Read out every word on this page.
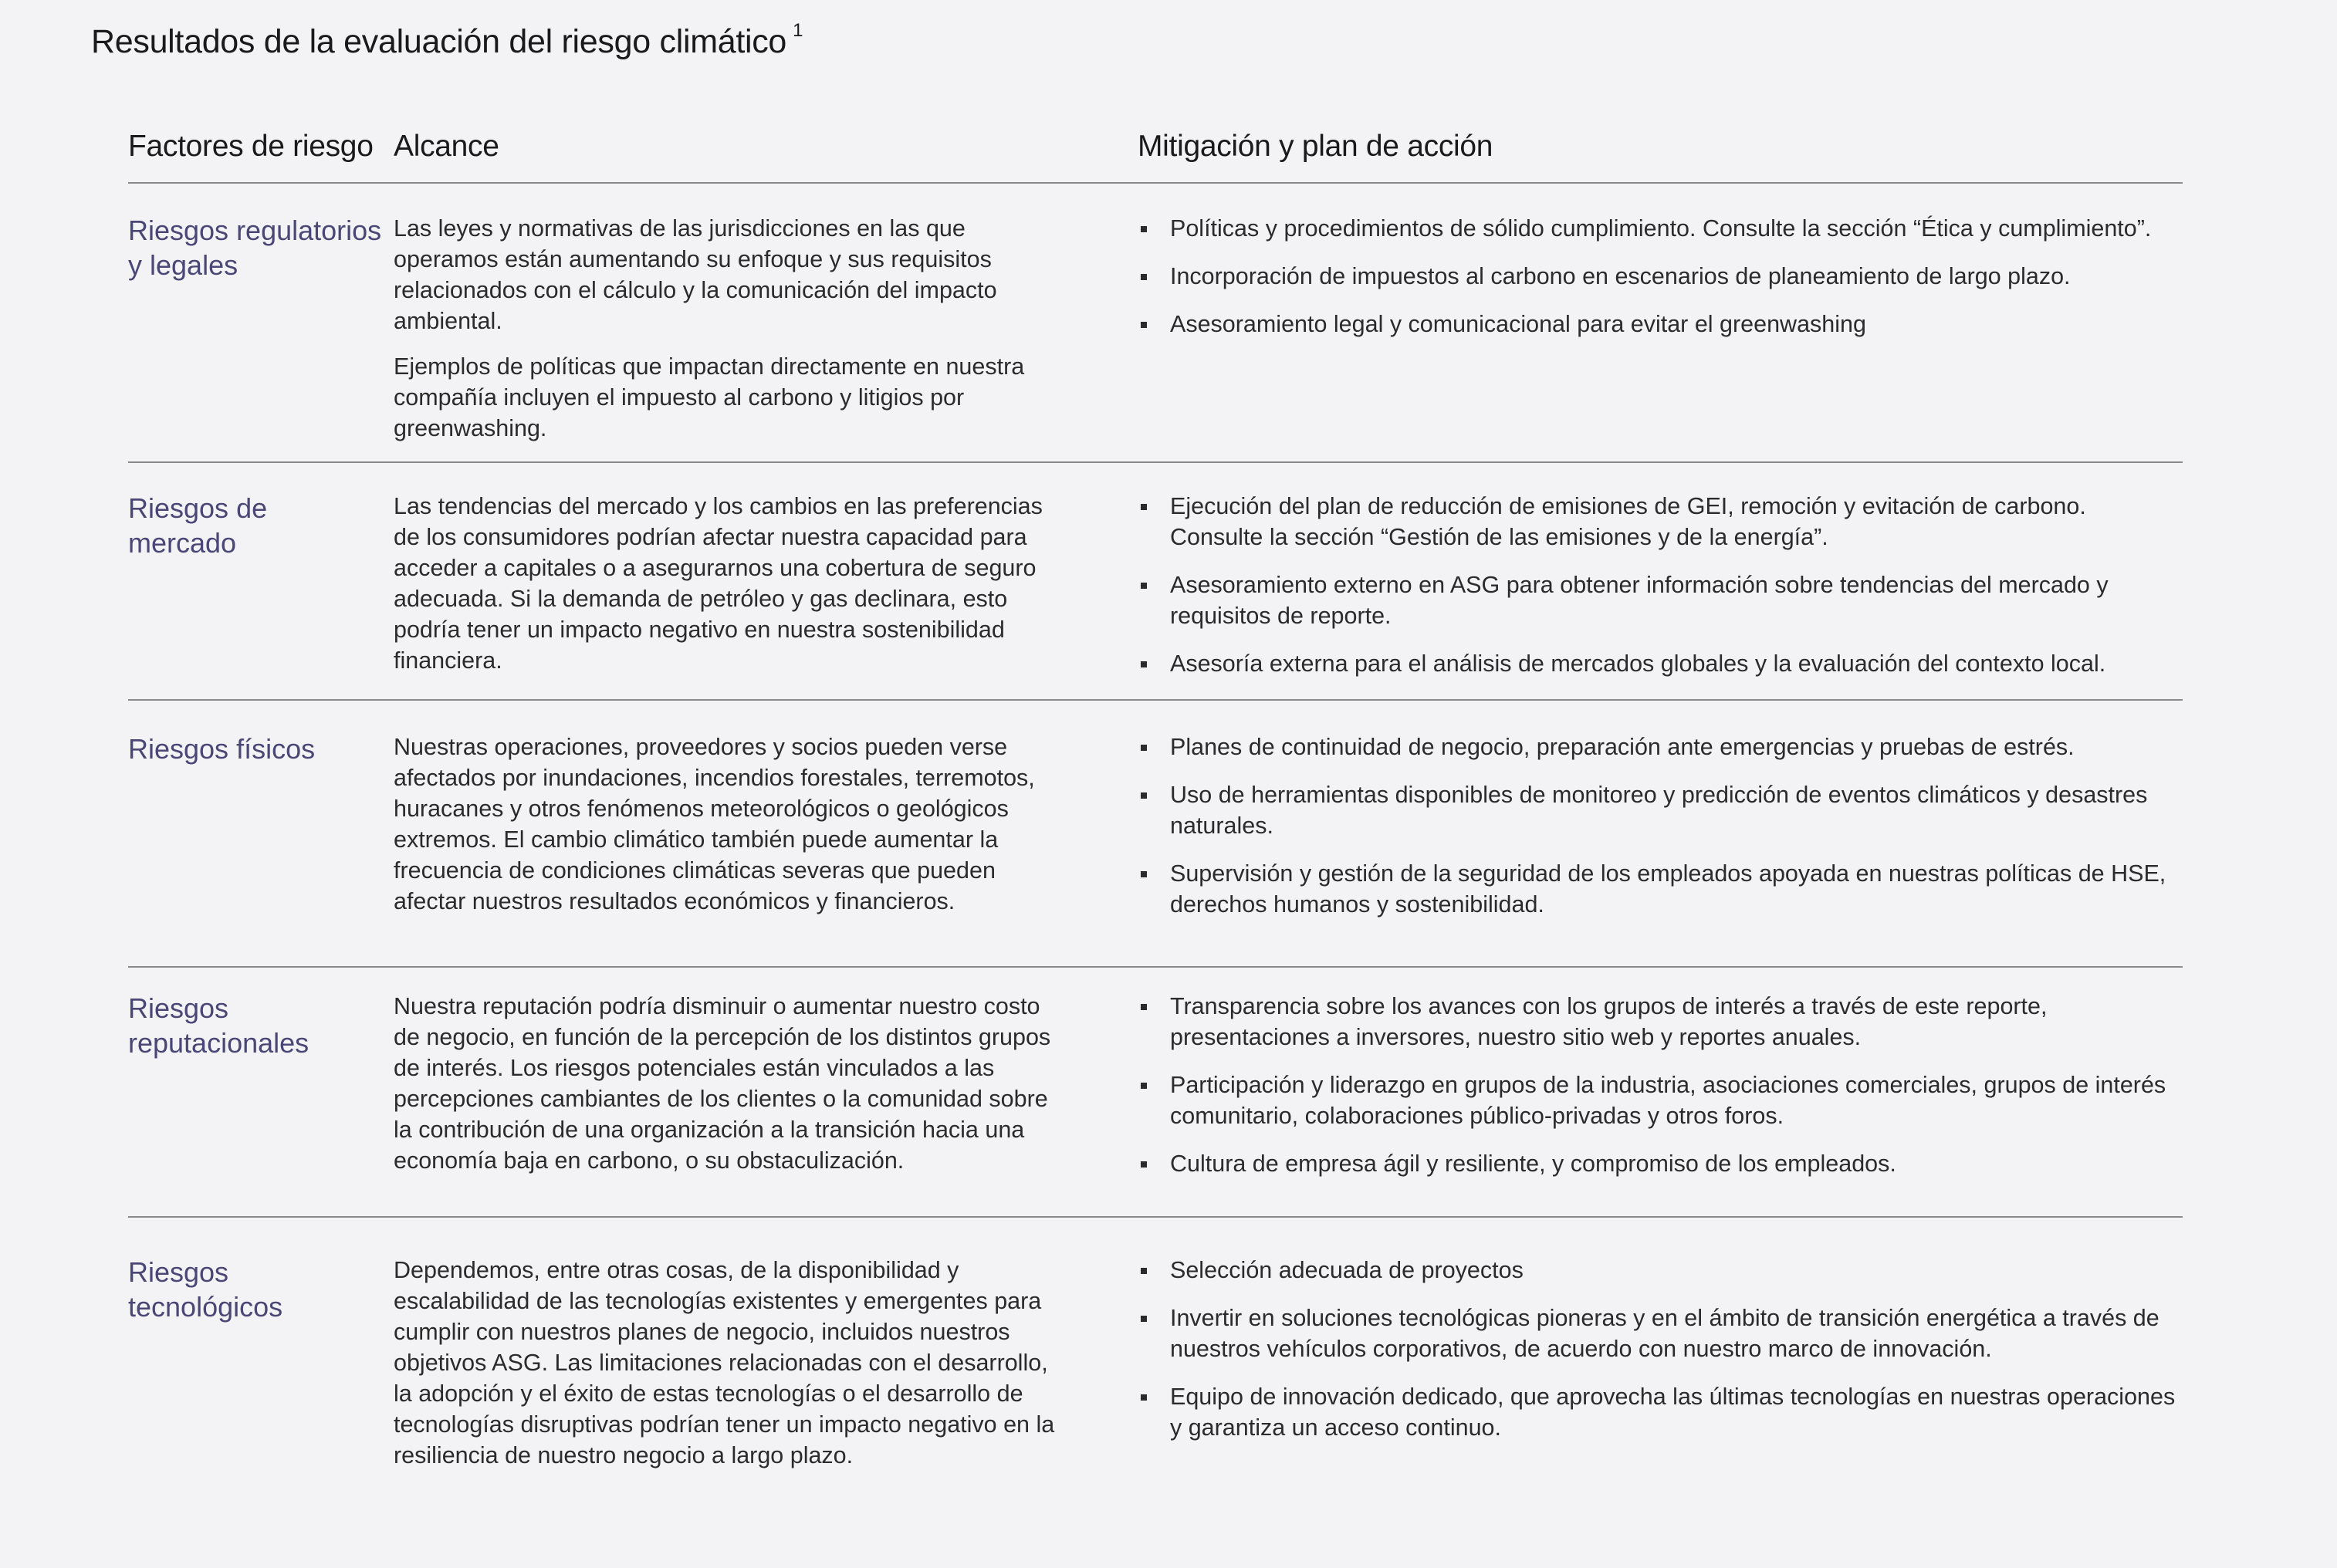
Resultados de la evaluación del riesgo climático $^1$
Factores de riesgo Alcance	Mitigación y plan de acción
Riesgos regulatorios y legales

Las leyes y normativas de las jurisdicciones en las que operamos están aumentando su enfoque y sus requisitos relacionados con el cálculo y la comunicación del impacto ambiental.

Ejemplos de políticas que impactan directamente en nuestra compañía incluyen el impuesto al carbono y litigios por greenwashing.

Políticas y procedimientos de sólido cumplimiento. Consulte la sección “Ética y cumplimiento”.
Incorporación de impuestos al carbono en escenarios de planeamiento de largo plazo.
Asesoramiento legal y comunicacional para evitar el greenwashing
Riesgos de mercado

Las tendencias del mercado y los cambios en las preferencias de los consumidores podrían afectar nuestra capacidad para acceder a capitales o a asegurarnos una cobertura de seguro adecuada. Si la demanda de petróleo y gas declinara, esto podría tener un impacto negativo en nuestra sostenibilidad financiera.

Ejecución del plan de reducción de emisiones de GEI, remoción y evitación de carbono. Consulte la sección “Gestión de las emisiones y de la energía”.
Asesoramiento externo en ASG para obtener información sobre tendencias del mercado y requisitos de reporte.
Asesoría externa para el análisis de mercados globales y la evaluación del contexto local.
Riesgos físicos	Nuestras operaciones, proveedores y socios pueden verse afectados por inundaciones, incendios forestales, terremotos, huracanes y otros fenómenos meteorológicos o geológicos extremos. El cambio climático también puede aumentar la frecuencia de condiciones climáticas severas que pueden afectar nuestros resultados económicos y financieros.

Planes de continuidad de negocio, preparación ante emergencias y pruebas de estrés.
Uso de herramientas disponibles de monitoreo y predicción de eventos climáticos y desastres naturales.
Supervisión y gestión de la seguridad de los empleados apoyada en nuestras políticas de HSE, derechos humanos y sostenibilidad.
Riesgos reputacionales

Nuestra reputación podría disminuir o aumentar nuestro costo de negocio, en función de la percepción de los distintos grupos de interés. Los riesgos potenciales están vinculados a las percepciones cambiantes de los clientes o la comunidad sobre la contribución de una organización a la transición hacia una economía baja en carbono, o su obstaculización.

Transparencia sobre los avances con los grupos de interés a través de este reporte, presentaciones a inversores, nuestro sitio web y reportes anuales.
Participación y liderazgo en grupos de la industria, asociaciones comerciales, grupos de interés comunitario, colaboraciones público-privadas y otros foros.
Cultura de empresa ágil y resiliente, y compromiso de los empleados.
Riesgos tecnológicos

Dependemos, entre otras cosas, de la disponibilidad y escalabilidad de las tecnologías existentes y emergentes para cumplir con nuestros planes de negocio, incluidos nuestros objetivos ASG. Las limitaciones relacionadas con el desarrollo, la adopción y el éxito de estas tecnologías o el desarrollo de tecnologías disruptivas podrían tener un impacto negativo en la resiliencia de nuestro negocio a largo plazo.

Selección adecuada de proyectos
Invertir en soluciones tecnológicas pioneras y en el ámbito de transición energética a través de nuestros vehículos corporativos, de acuerdo con nuestro marco de innovación.
Equipo de innovación dedicado, que aprovecha las últimas tecnologías en nuestras operaciones y garantiza un acceso continuo.
